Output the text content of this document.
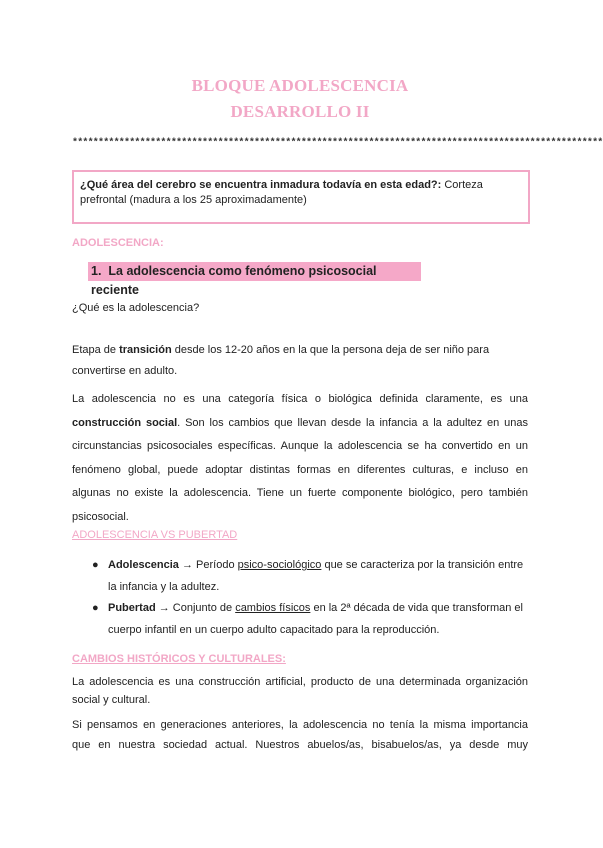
BLOQUE ADOLESCENCIA
DESARROLLO II
******************************************************************************************************
¿Qué área del cerebro se encuentra inmadura todavía en esta edad?: Corteza
prefrontal (madura a los 25 aproximadamente)
ADOLESCENCIA:
1. La adolescencia como fenómeno psicosocial reciente
¿Qué es la adolescencia?
Etapa de transición desde los 12-20 años en la que la persona deja de ser niño para
convertirse en adulto.
La adolescencia no es una categoría física o biológica definida claramente, es una
construcción social. Son los cambios que llevan desde la infancia a la adultez en unas
circunstancias psicosociales específicas. Aunque la adolescencia se ha convertido en un
fenómeno global, puede adoptar distintas formas en diferentes culturas, e incluso en
algunas no existe la adolescencia. Tiene un fuerte componente biológico, pero también
psicosocial.
ADOLESCENCIA VS PUBERTAD
● Adolescencia → Período psico-sociológico que se caracteriza por la transición entre
la infancia y la adultez.
● Pubertad → Conjunto de cambios físicos en la 2ª década de vida que transforman el
cuerpo infantil en un cuerpo adulto capacitado para la reproducción.
CAMBIOS HISTÓRICOS Y CULTURALES:
La adolescencia es una construcción artificial, producto de una determinada organización
social y cultural.
Si pensamos en generaciones anteriores, la adolescencia no tenía la misma importancia
que en nuestra sociedad actual. Nuestros abuelos/as, bisabuelos/as, ya desde muy
